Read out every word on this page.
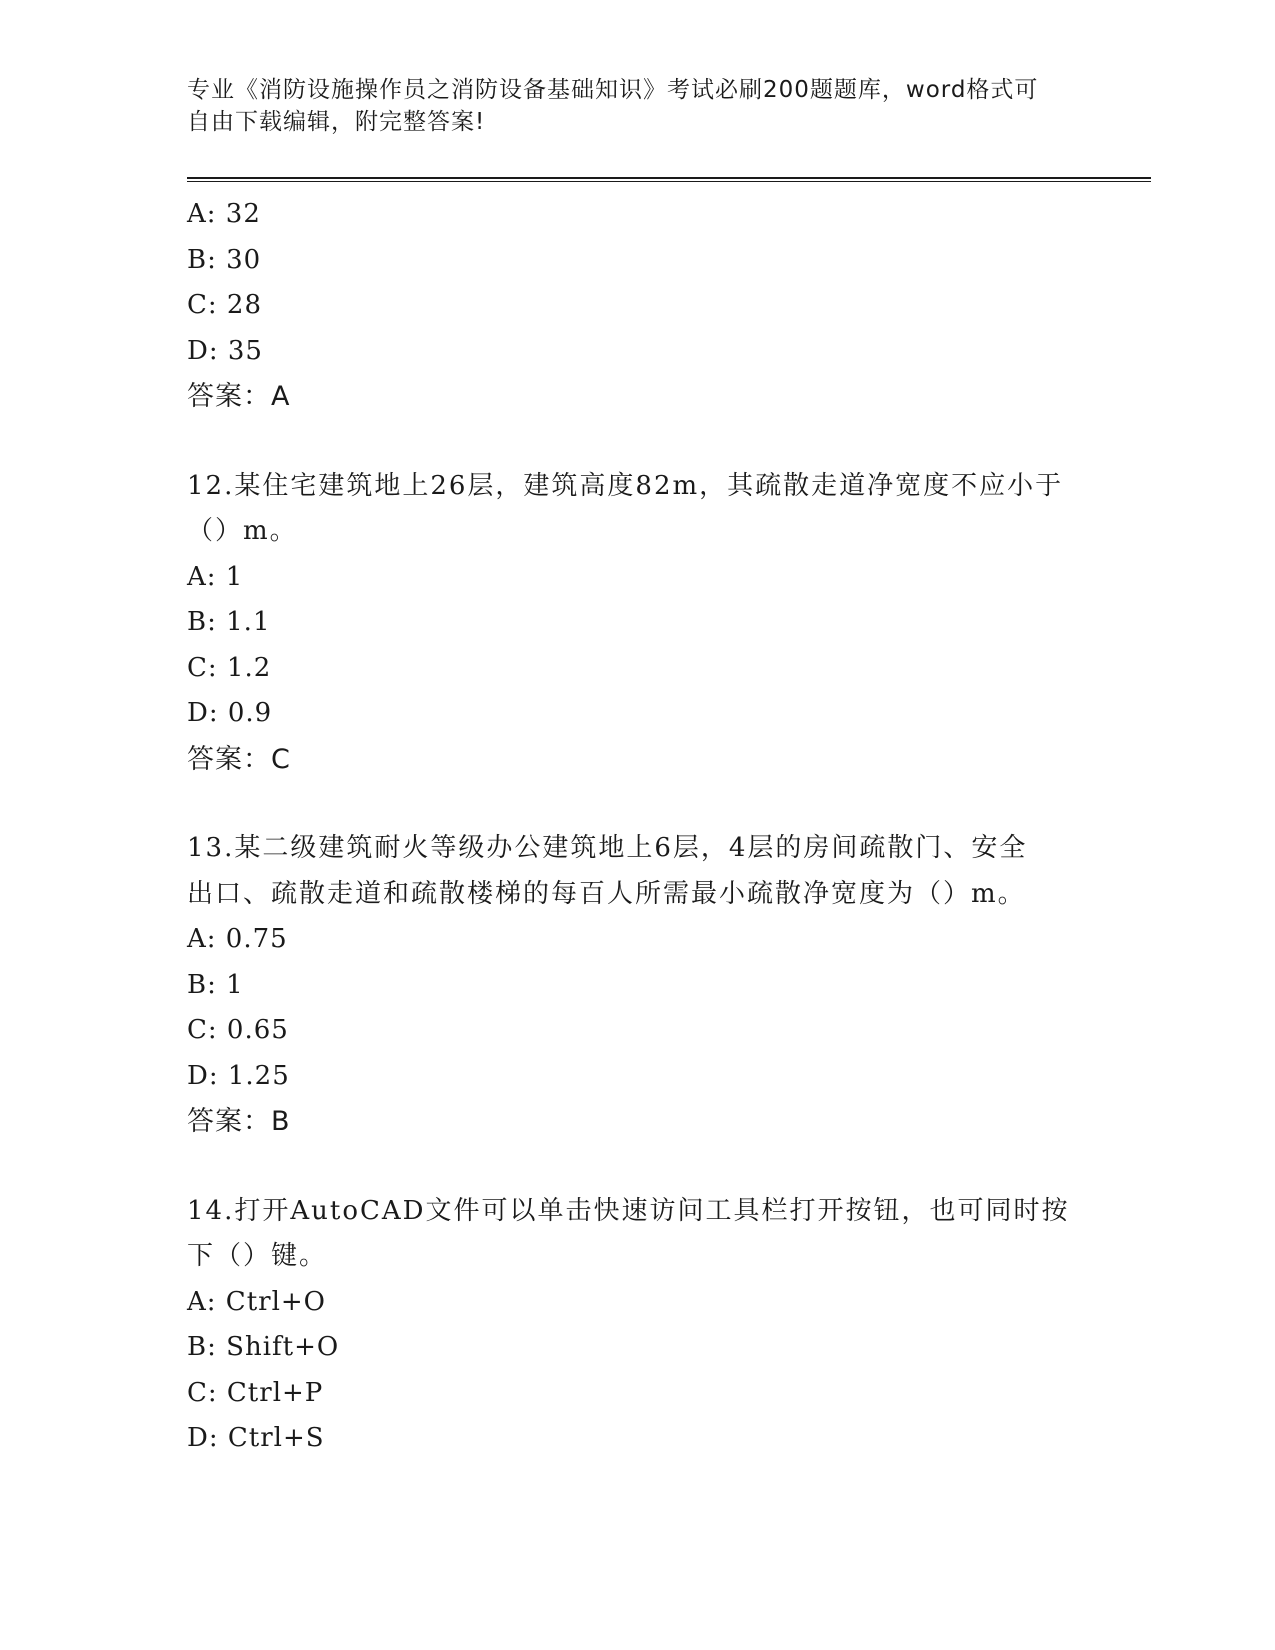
专业《消防设施操作员之消防设备基础知识》考试必刷200题题库，word格式可
自由下载编辑，附完整答案!
A: 32
B: 30
C: 28
D: 35
答案：A
12.某住宅建筑地上26层，建筑高度82m，其疏散走道净宽度不应小于
（）m。
A: 1
B: 1.1
C: 1.2
D: 0.9
答案：C
13.某二级建筑耐火等级办公建筑地上6层，4层的房间疏散门、安全
出口、疏散走道和疏散楼梯的每百人所需最小疏散净宽度为（）m。
A: 0.75
B: 1
C: 0.65
D: 1.25
答案：B
14.打开AutoCAD文件可以单击快速访问工具栏打开按钮，也可同时按
下（）键。
A: Ctrl+O
B: Shift+O
C: Ctrl+P
D: Ctrl+S
